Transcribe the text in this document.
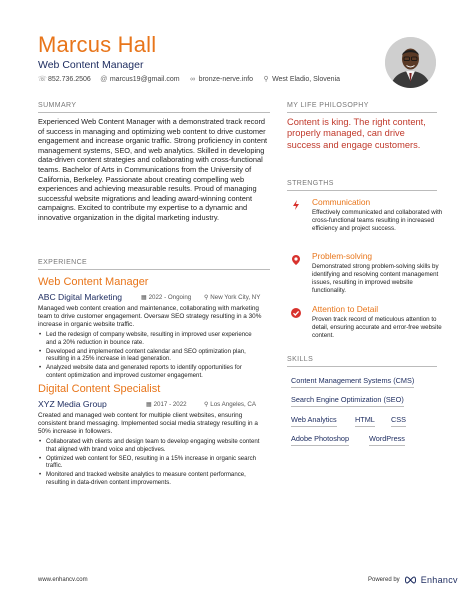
Marcus Hall
Web Content Manager
☏ 852.736.2506 @ marcus19@gmail.com ∞ bronze-nerve.info ⚲ West Eladio, Slovenia
SUMMARY
Experienced Web Content Manager with a demonstrated track record of success in managing and optimizing web content to drive customer engagement and increase organic traffic. Strong proficiency in content management systems, SEO, and web analytics. Skilled in developing data-driven content strategies and collaborating with cross-functional teams. Bachelor of Arts in Communications from the University of California, Berkeley. Passionate about creating compelling web experiences and achieving measurable results. Proud of managing successful website migrations and leading award-winning content campaigns. Excited to contribute my expertise to a dynamic and innovative organization in the digital marketing industry.
EXPERIENCE
Web Content Manager
ABC Digital Marketing	▦ 2022 - Ongoing ⚲ New York City, NY
Managed web content creation and maintenance, collaborating with marketing team to drive customer engagement. Oversaw SEO strategy resulting in a 30% increase in organic website traffic.
• Led the redesign of company website, resulting in improved user experience and a 20% reduction in bounce rate.
• Developed and implemented content calendar and SEO optimization plan, resulting in a 25% increase in lead generation.
• Analyzed website data and generated reports to identify opportunities for content optimization and improved customer engagement.
Digital Content Specialist
XYZ Media Group	▦ 2017 - 2022	⚲ Los Angeles, CA
Created and managed web content for multiple client websites, ensuring consistent brand messaging. Implemented social media strategy resulting in a 50% increase in followers.
• Collaborated with clients and design team to develop engaging website content that aligned with brand voice and objectives.
• Optimized web content for SEO, resulting in a 15% increase in organic search traffic.
• Monitored and tracked website analytics to measure content performance, resulting in data-driven content improvements.
MY LIFE PHILOSOPHY
Content is king. The right content, properly managed, can drive success and engage customers.
STRENGTHS
Communication
Effectively communicated and collaborated with cross-functional teams resulting in increased efficiency and project success.
Problem-solving
Demonstrated strong problem-solving skills by identifying and resolving content management issues, resulting in improved website functionality.
Attention to Detail
Proven track record of meticulous attention to detail, ensuring accurate and error-free website content.
SKILLS
Content Management Systems (CMS)
Search Engine Optimization (SEO)
Web Analytics	HTML CSS
Adobe Photoshop	WordPress
www.enhancv.com	Powered by Enhancv
